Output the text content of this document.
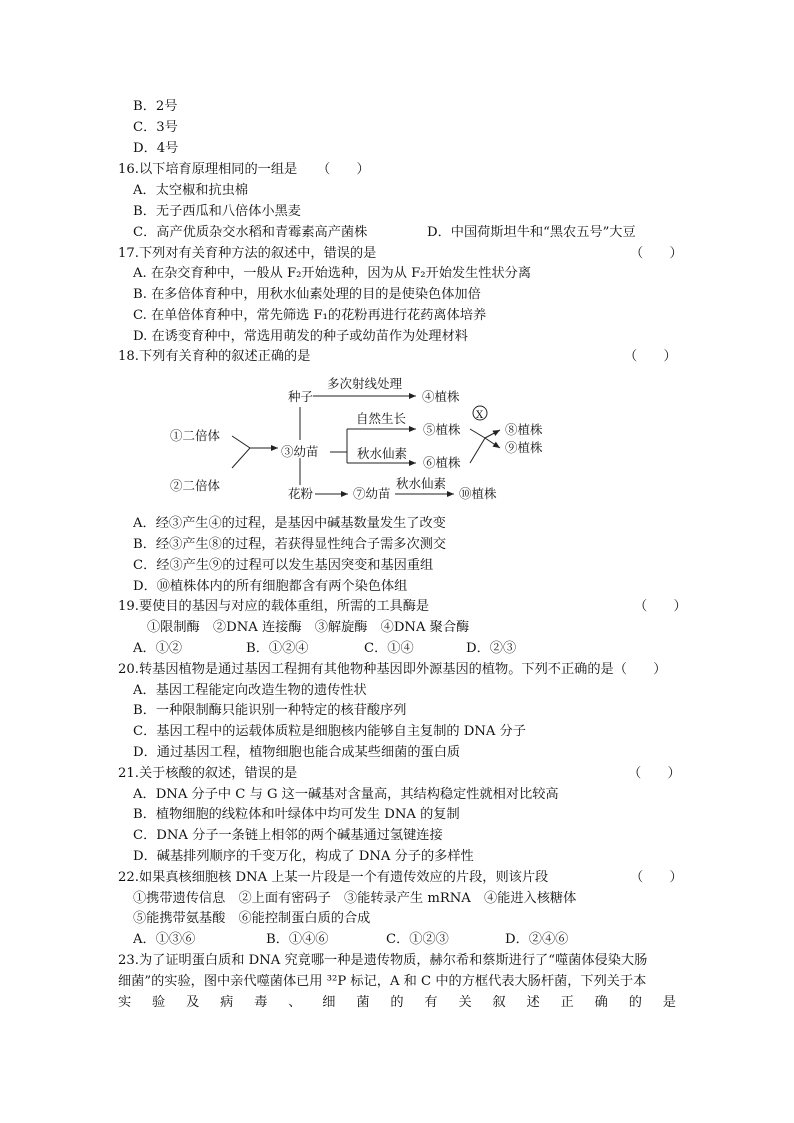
B．2号
C．3号
D．4号
16.以下培育原理相同的一组是　　（　　）
A．太空椒和抗虫棉
B．无子西瓜和八倍体小黑麦
C．高产优质杂交水稻和青霉素高产菌株	D．中国荷斯坦牛和“黑农五号”大豆
17.下列对有关育种方法的叙述中，错误的是	（　　）
A. 在杂交育种中，一般从 F₂开始选种，因为从 F₂开始发生性状分离
B. 在多倍体育种中，用秋水仙素处理的目的是使染色体加倍
C. 在单倍体育种中，常先筛选 F₁的花粉再进行花药离体培养
D. 在诱变育种中，常选用萌发的种子或幼苗作为处理材料
18.下列有关育种的叙述正确的是	（　　）
①二倍体
②二倍体
③幼苗
种子
多次射线处理
④植株
自然生长
⑤植株
秋水仙素
⑥植株
⑧植株
⑨植株
花粉	⑦幼苗
秋水仙素
⑩植株
X
A．经③产生④的过程，是基因中碱基数量发生了改变
B．经③产生⑧的过程，若获得显性纯合子需多次测交
C．经③产生⑨的过程可以发生基因突变和基因重组
D．⑩植株体内的所有细胞都含有两个染色体组
19.要使目的基因与对应的载体重组，所需的工具酶是	（　　）
①限制酶　②DNA 连接酶　③解旋酶　④DNA 聚合酶
A．①②	B．①②④	C．①④	D．②③
20.转基因植物是通过基因工程拥有其他物种基因即外源基因的植物。下列不正确的是（　　）
A．基因工程能定向改造生物的遗传性状
B．一种限制酶只能识别一种特定的核苷酸序列
C．基因工程中的运载体质粒是细胞核内能够自主复制的 DNA 分子
D．通过基因工程，植物细胞也能合成某些细菌的蛋白质
21.关于核酸的叙述，错误的是	（　　）
A．DNA 分子中 C 与 G 这一碱基对含量高，其结构稳定性就相对比较高
B．植物细胞的线粒体和叶绿体中均可发生 DNA 的复制
C．DNA 分子一条链上相邻的两个碱基通过氢键连接
D．碱基排列顺序的千变万化，构成了 DNA 分子的多样性
22.如果真核细胞核 DNA 上某一片段是一个有遗传效应的片段，则该片段	（　　）
①携带遗传信息　②上面有密码子　③能转录产生 mRNA　④能进入核糖体
⑤能携带氨基酸　⑥能控制蛋白质的合成
A．①③⑥	B．①④⑥	C．①②③	D．②④⑥
23.为了证明蛋白质和 DNA 究竟哪一种是遗传物质，赫尔希和蔡斯进行了“噬菌体侵染大肠
细菌”的实验，图中亲代噬菌体已用 ³²P 标记，A 和 C 中的方框代表大肠杆菌，下列关于本
实 验 及 病 毒 、 细 菌 的 有 关 叙 述 正 确 的 是
